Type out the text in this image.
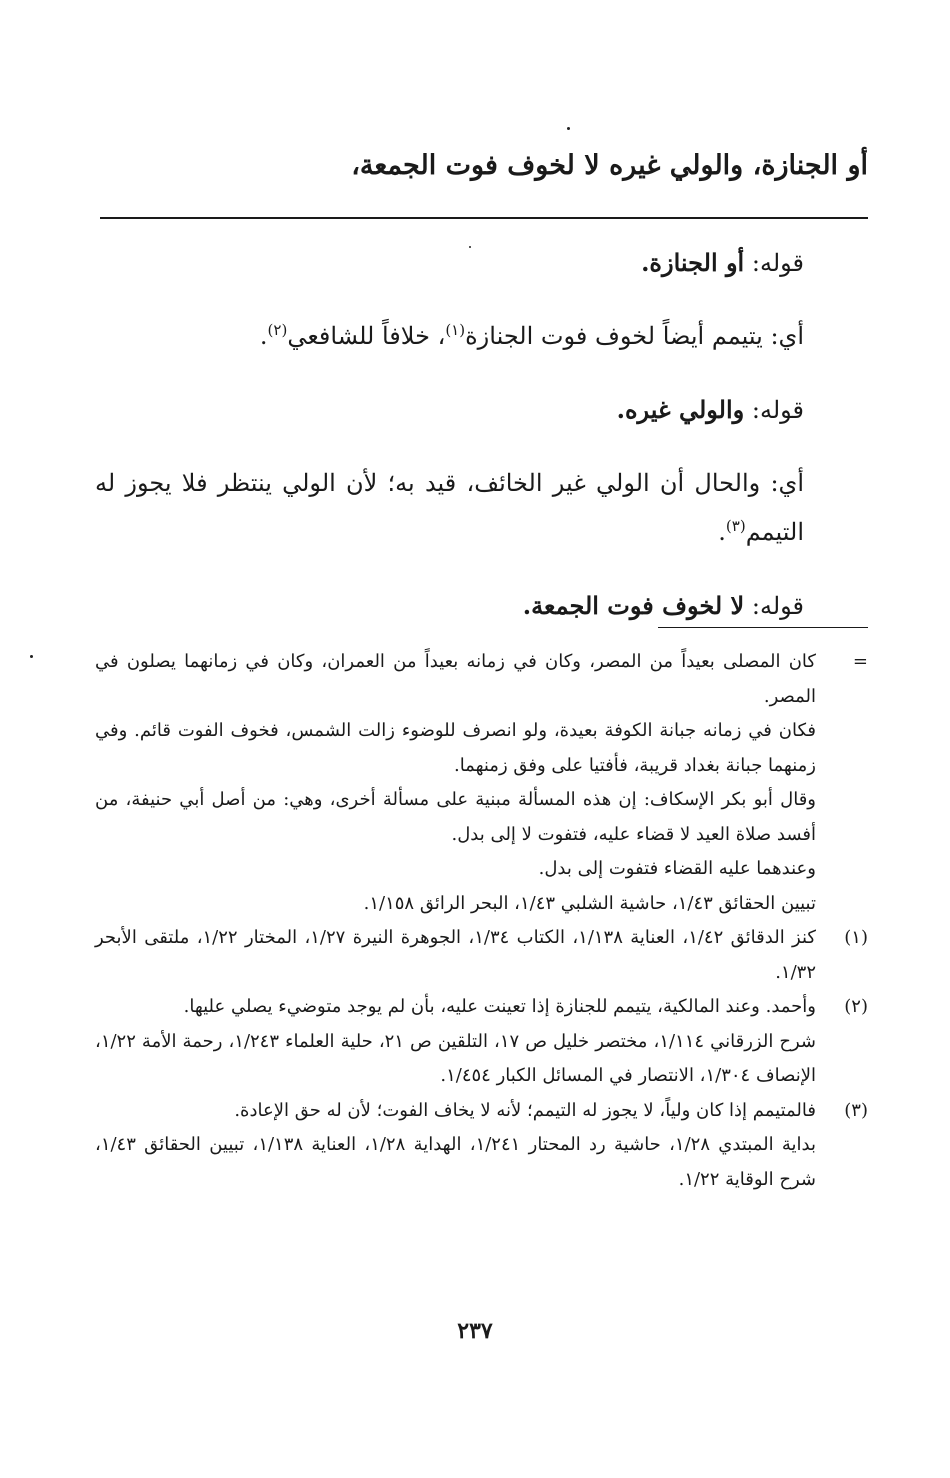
أو الجنازة، والولي غيره لا لخوف فوت الجمعة،

قوله: أو الجنازة.

أي: يتيمم أيضاً لخوف فوت الجنازة$^{(١)}$، خلافاً للشافعي$^{(٢)}$.

قوله: والولي غيره.

أي: والحال أن الولي غير الخائف، قيد به؛ لأن الولي ينتظر فلا يجوز له التيمم$^{(٣)}$.

قوله: لا لخوف فوت الجمعة.

=

كان المصلى بعيداً من المصر، وكان في زمانه بعيداً من العمران، وكان في زمانهما يصلون في المصر.

فكان في زمانه جبانة الكوفة بعيدة، ولو انصرف للوضوء زالت الشمس، فخوف الفوت قائم. وفي زمنهما جبانة بغداد قريبة، فأفتيا على وفق زمنهما.

وقال أبو بكر الإسكاف: إن هذه المسألة مبنية على مسألة أخرى، وهي: من أصل أبي حنيفة، من أفسد صلاة العيد لا قضاء عليه، فتفوت لا إلى بدل.

وعندهما عليه القضاء فتفوت إلى بدل.

تبيين الحقائق ١/٤٣، حاشية الشلبي ١/٤٣، البحر الرائق ١/١٥٨.

(١)

كنز الدقائق ١/٤٢، العناية ١/١٣٨، الكتاب ١/٣٤، الجوهرة النيرة ١/٢٧، المختار ١/٢٢، ملتقى الأبحر ١/٣٢.

(٢)

وأحمد. وعند المالكية، يتيمم للجنازة إذا تعينت عليه، بأن لم يوجد متوضيء يصلي عليها.

شرح الزرقاني ١/١١٤، مختصر خليل ص ١٧، التلقين ص ٢١، حلية العلماء ١/٢٤٣، رحمة الأمة ١/٢٢، الإنصاف ١/٣٠٤، الانتصار في المسائل الكبار ١/٤٥٤.

(٣)

فالمتيمم إذا كان ولياً، لا يجوز له التيمم؛ لأنه لا يخاف الفوت؛ لأن له حق الإعادة.

بداية المبتدي ١/٢٨، حاشية رد المحتار ١/٢٤١، الهداية ١/٢٨، العناية ١/١٣٨، تبيين الحقائق ١/٤٣، شرح الوقاية ١/٢٢.

٢٣٧
